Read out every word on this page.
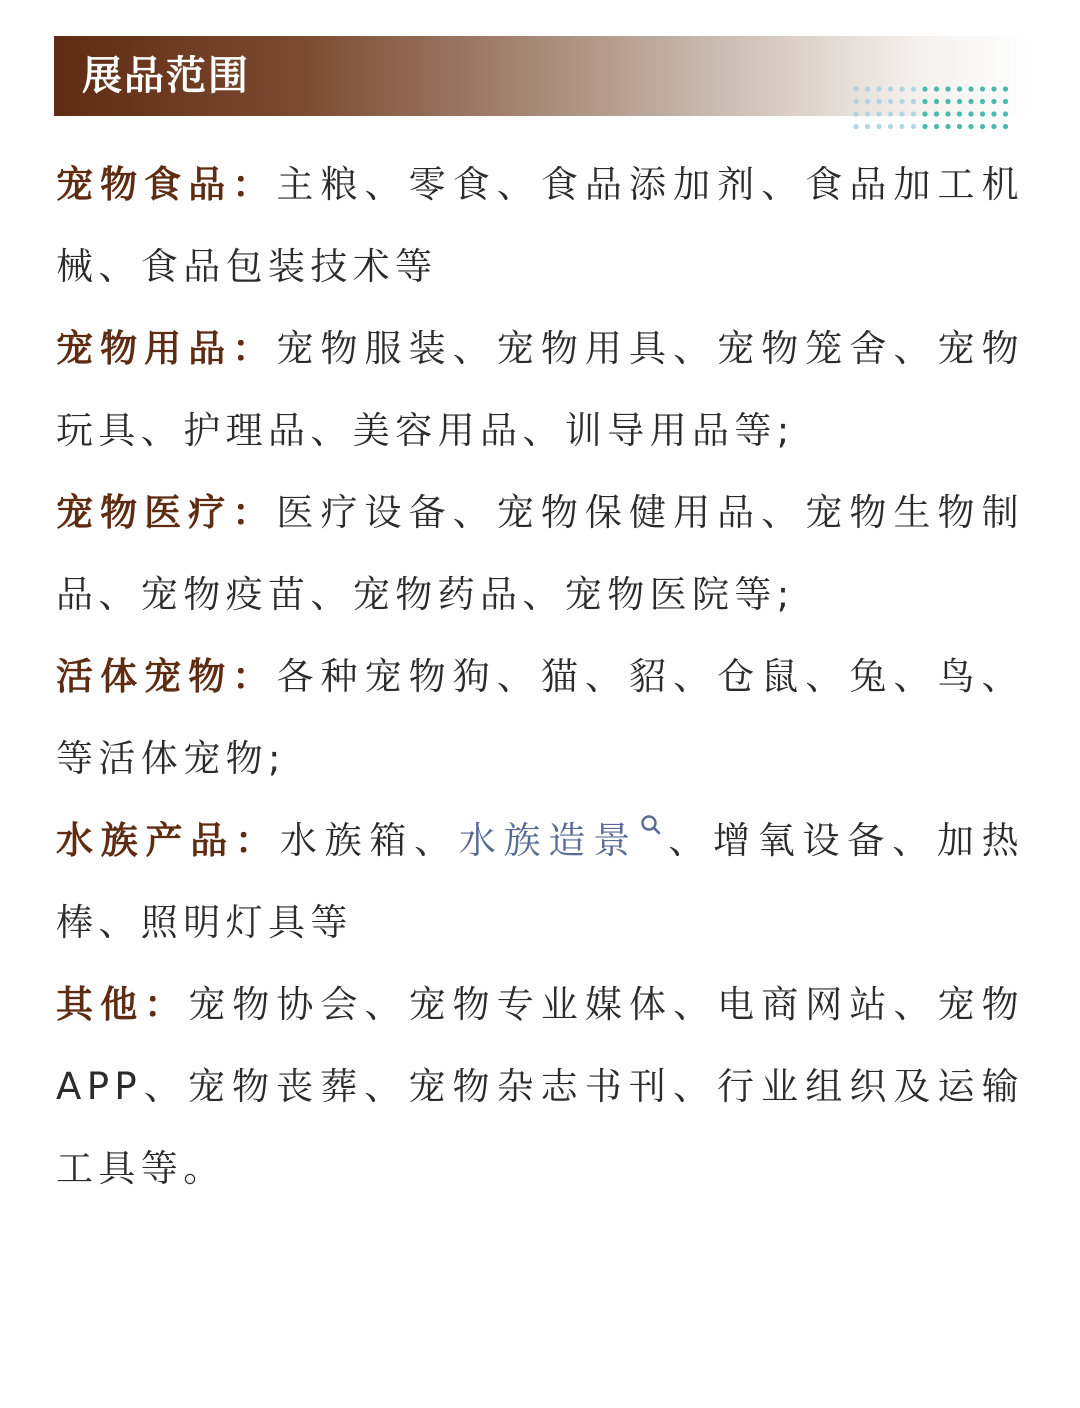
展品范围

宠物食品：主粮、零食、食品添加剂、食品加工机械、食品包装技术等

宠物用品：宠物服装、宠物用具、宠物笼舍、宠物玩具、护理品、美容用品、训导用品等;

宠物医疗：医疗设备、宠物保健用品、宠物生物制品、宠物疫苗、宠物药品、宠物医院等;

活体宠物：各种宠物狗、猫、貂、仓鼠、兔、鸟、等活体宠物;

水族产品：水族箱、水族造景 、增氧设备、加热棒、照明灯具等

其他：宠物协会、宠物专业媒体、电商网站、宠物APP、宠物丧葬、宠物杂志书刊、行业组织及运输工具等。
